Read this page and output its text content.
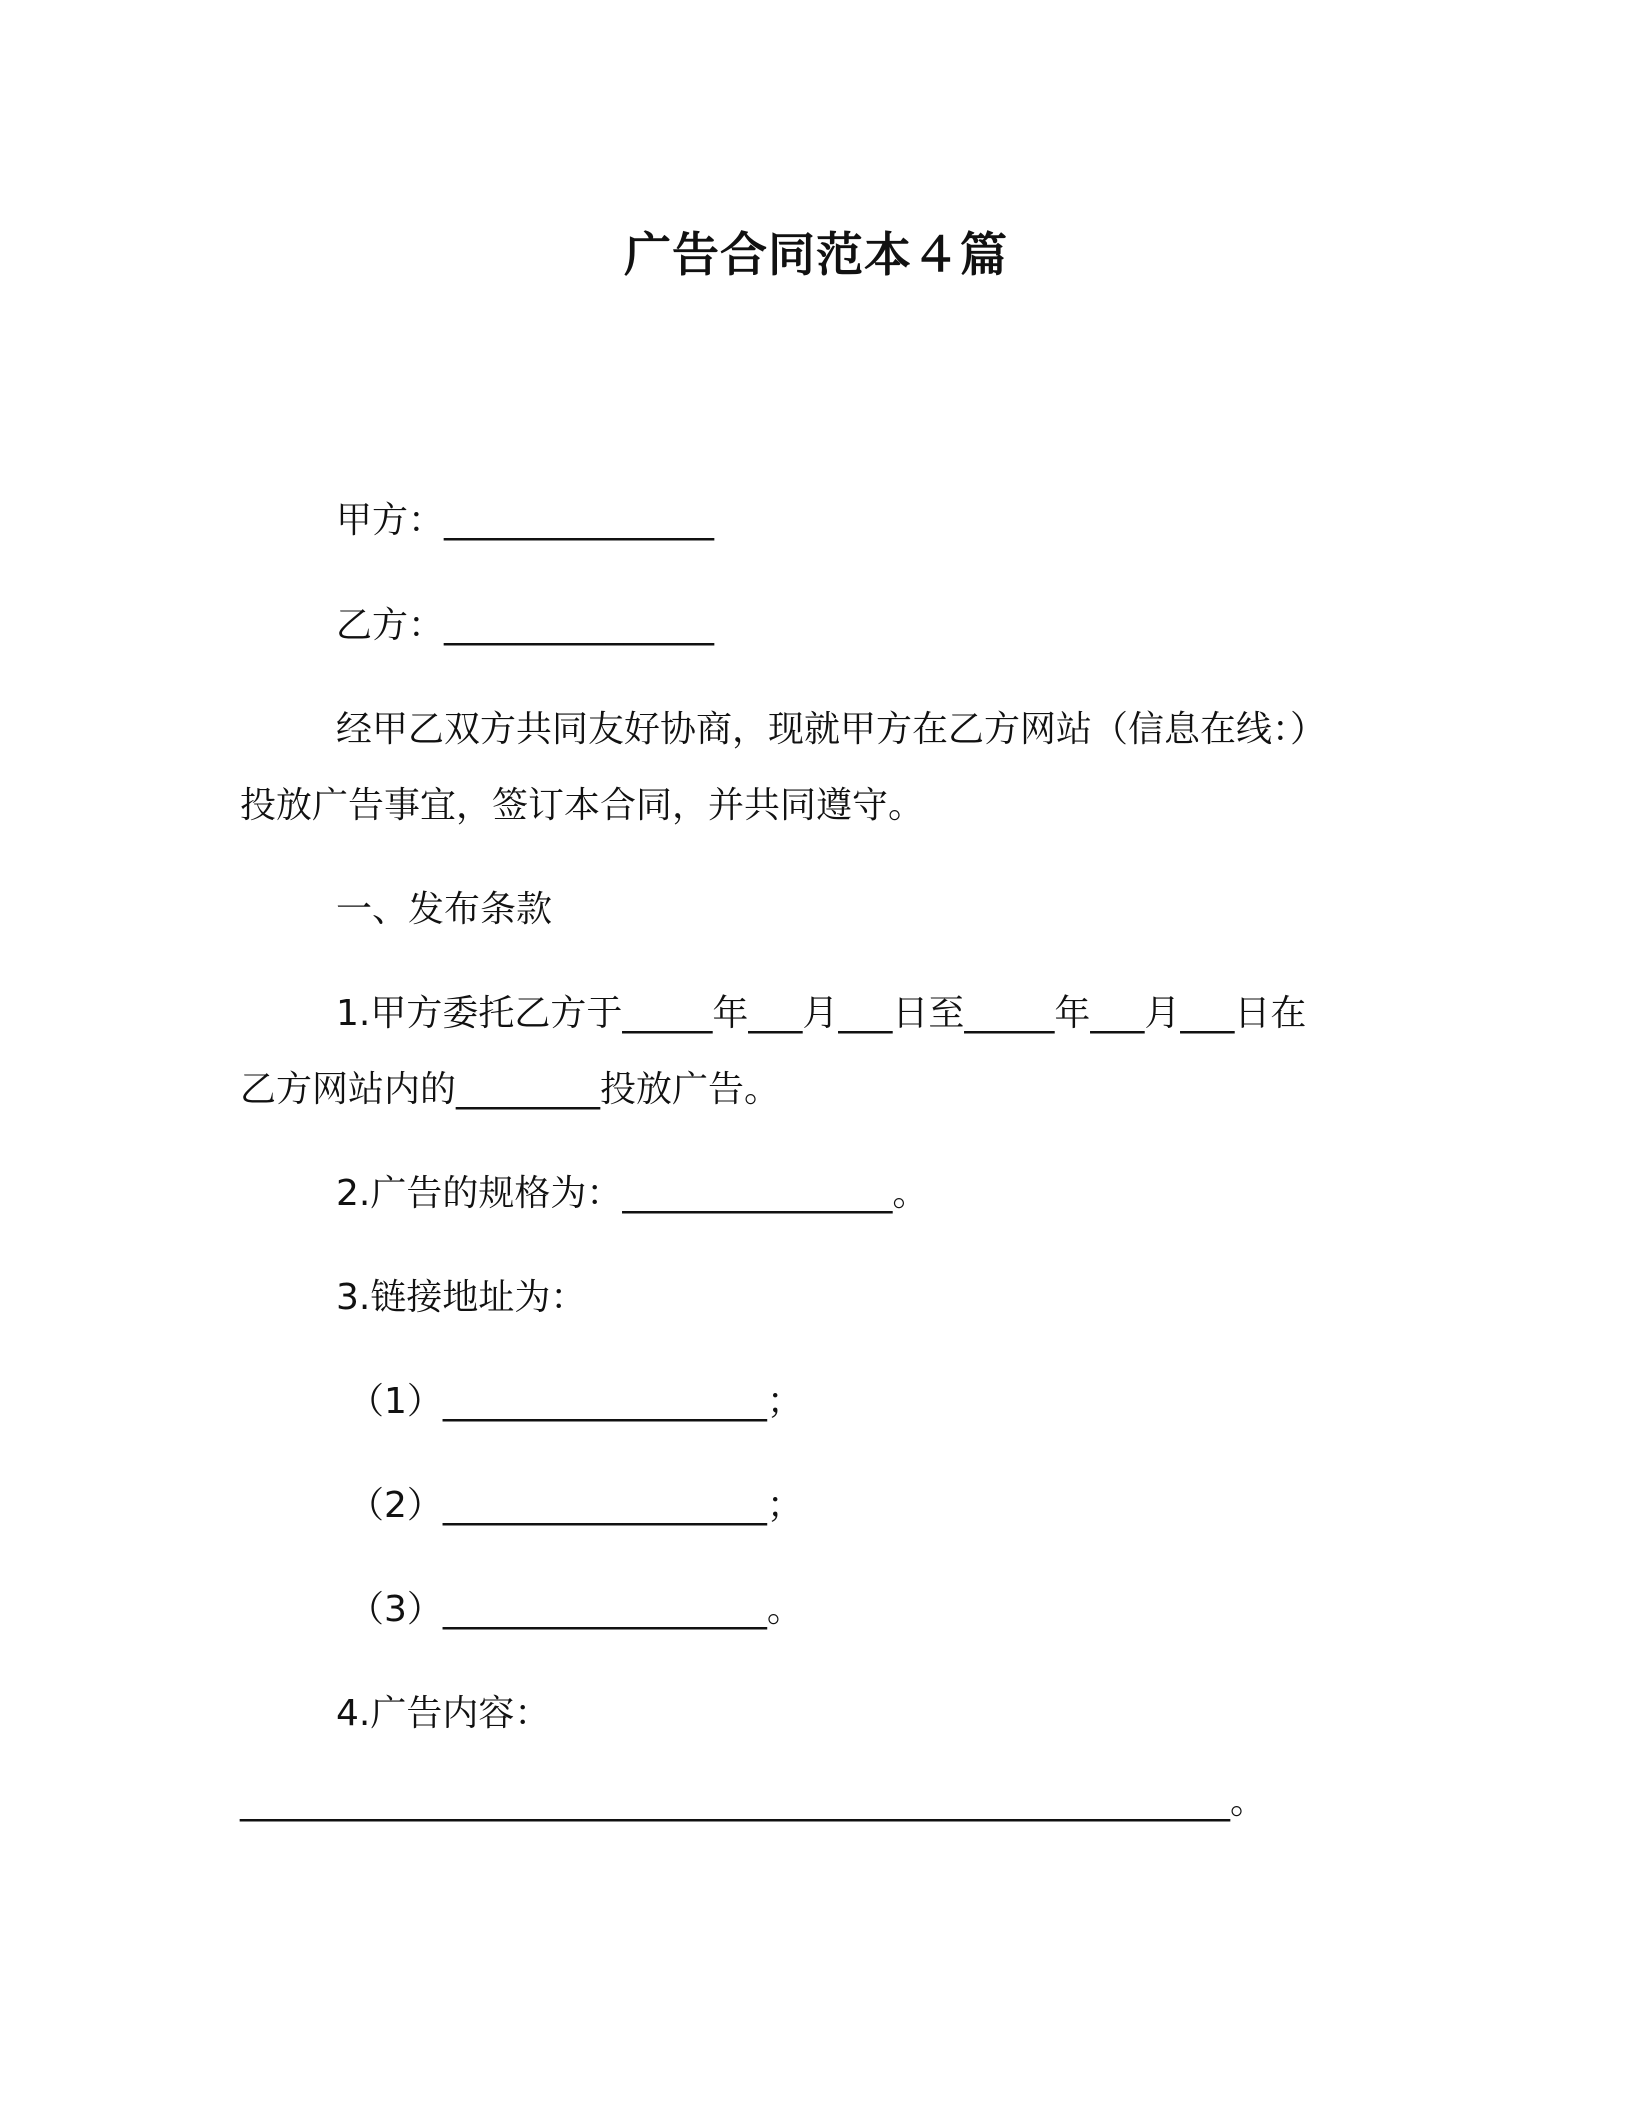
广告合同范本４篇
甲方：_______________
乙方：_______________
经甲乙双方共同友好协商，现就甲方在乙方网站（信息在线：）
投放广告事宜，签订本合同，并共同遵守。
一、发布条款
1.甲方委托乙方于_____年___月___日至_____年___月___日在
乙方网站内的________投放广告。
2.广告的规格为：_______________。
3.链接地址为：
（1）__________________；
（2）__________________；
（3）__________________。
4.广告内容：
_______________________________________________________。
